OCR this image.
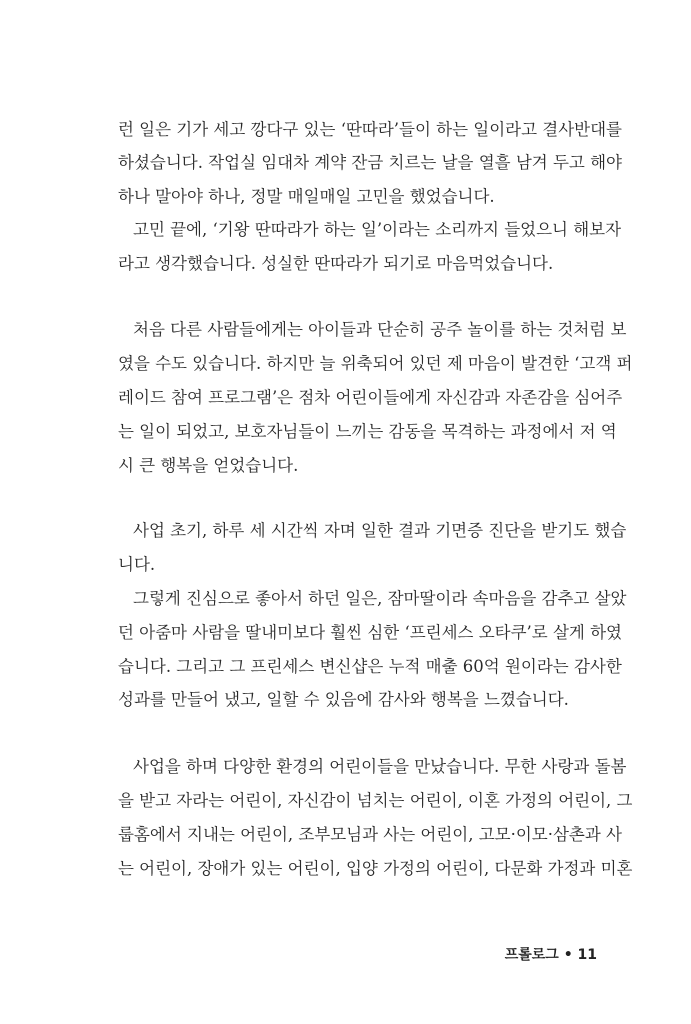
런 일은 기가 세고 깡다구 있는 ‘딴따라’들이 하는 일이라고 결사반대를
하셨습니다. 작업실 임대차 계약 잔금 치르는 날을 열흘 남겨 두고 해야
하나 말아야 하나, 정말 매일매일 고민을 했었습니다.
고민 끝에, ‘기왕 딴따라가 하는 일’이라는 소리까지 들었으니 해보자
라고 생각했습니다. 성실한 딴따라가 되기로 마음먹었습니다.
처음 다른 사람들에게는 아이들과 단순히 공주 놀이를 하는 것처럼 보
였을 수도 있습니다. 하지만 늘 위축되어 있던 제 마음이 발견한 ‘고객 퍼
레이드 참여 프로그램’은 점차 어린이들에게 자신감과 자존감을 심어주
는 일이 되었고, 보호자님들이 느끼는 감동을 목격하는 과정에서 저 역
시 큰 행복을 얻었습니다.
사업 초기, 하루 세 시간씩 자며 일한 결과 기면증 진단을 받기도 했습
니다.
그렇게 진심으로 좋아서 하던 일은, 잠마딸이라 속마음을 감추고 살았
던 아줌마 사람을 딸내미보다 훨씬 심한 ‘프린세스 오타쿠’로 살게 하였
습니다. 그리고 그 프린세스 변신샵은 누적 매출 60억 원이라는 감사한
성과를 만들어 냈고, 일할 수 있음에 감사와 행복을 느꼈습니다.
사업을 하며 다양한 환경의 어린이들을 만났습니다. 무한 사랑과 돌봄
을 받고 자라는 어린이, 자신감이 넘치는 어린이, 이혼 가정의 어린이, 그
룹홈에서 지내는 어린이, 조부모님과 사는 어린이, 고모·이모·삼촌과 사
는 어린이, 장애가 있는 어린이, 입양 가정의 어린이, 다문화 가정과 미혼
프롤로그 • 11
